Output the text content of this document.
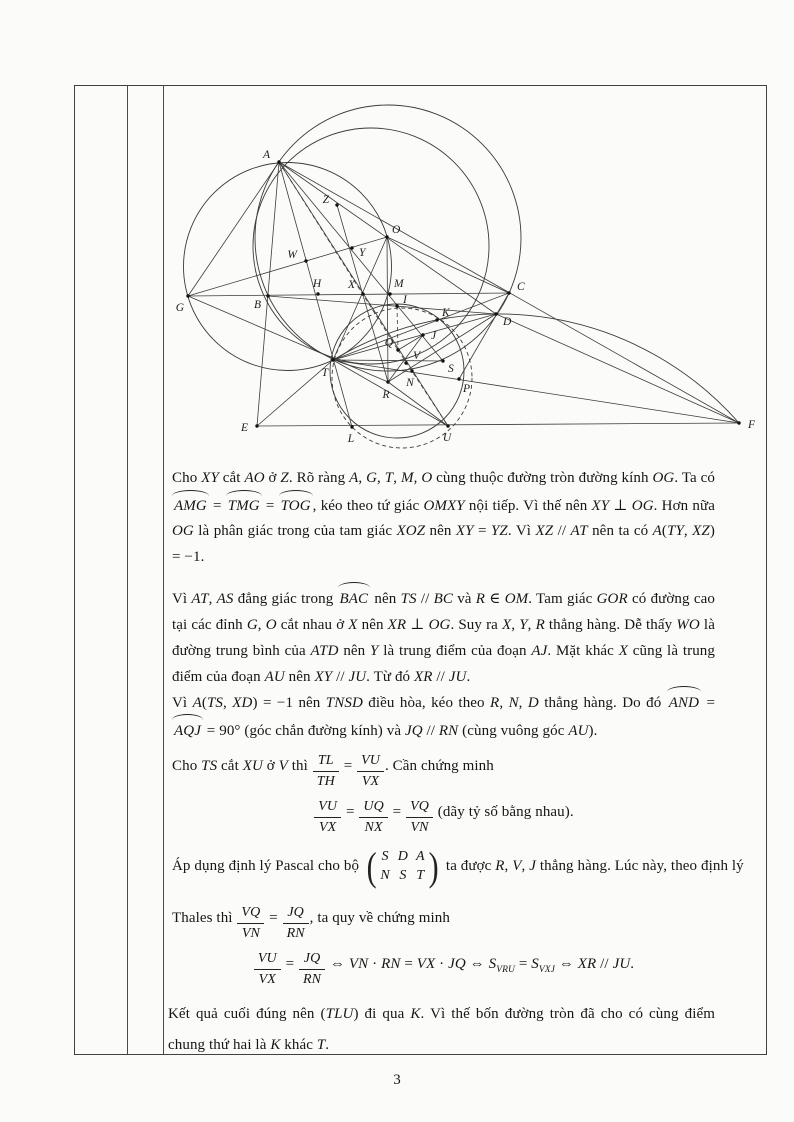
A
B
C
D
E	F
G
H
I
J
K
L
M
N
O
P
Q
R
S
T
U
V
W
X
Y
Z
Cho XY cắt AO ở Z. Rõ ràng A, G, T, M, O cùng thuộc đường tròn đường kính OG. Ta có AMG = TMG = TOG , kéo theo tứ giác OMXY nội tiếp. Vì thế nên XY ⊥ OG. Hơn nữa OG là phân giác trong của tam giác XOZ nên XY = YZ. Vì XZ // AT nên ta có A(TY, XZ) = −1.
Vì AT, AS đẳng giác trong BAC nên TS // BC và R ∈ OM. Tam giác GOR có đường cao tại các đỉnh G, O cắt nhau ở X nên XR ⊥ OG. Suy ra X, Y, R thẳng hàng. Dễ thấy WO là đường trung bình của ATD nên Y là trung điểm của đoạn AJ. Mặt khác X cũng là trung điểm của đoạn AU nên XY // JU. Từ đó XR // JU.
Vì A(TS, XD) = −1 nên TNSD điều hòa, kéo theo R, N, D thẳng hàng. Do đó AND = AQJ = 90° (góc chắn đường kính) và JQ // RN (cùng vuông góc AU).
Cho TS cắt XU ở V thì $\frac{TL}{TH} = \frac{VU}{VX}$ . Cần chứng minh
$\frac{VU}{VX} = \frac{UQ}{NX} = \frac{VQ}{VN}$ (dãy tỷ số bằng nhau).
Áp dụng định lý Pascal cho bộ ( S D A
N S T ) ta được R, V, J thẳng hàng. Lúc này, theo định lý
Thales thì $\frac{VQ}{VN} = \frac{JQ}{RN}$ , ta quy về chứng minh
$\frac{VU}{VX} = \frac{JQ}{RN}$ ⇔ VN · RN = VX · JQ ⇔ $S_{VRU} = S_{VXJ}$ ⇔ XR // JU.
Kết quả cuối đúng nên (TLU) đi qua K. Vì thế bốn đường tròn đã cho có cùng điểm chung thứ hai là K khác T.
3
